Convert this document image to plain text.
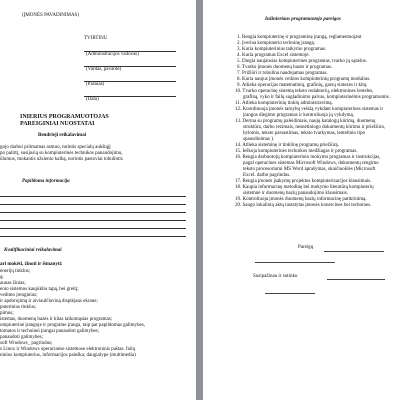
(ĮMONĖS PAVADINIMAS)
TVIRTINU
(Administracijos vadovas)
(Vardas, pavardė)
(Parašas)
(Data)
INIERIUS PROGRAMUOTOJAS
PAREIGINIAI NUOSTATAI
Bendrieji reikalavimai
gojo darbui priimamas asmuo, turintis specialų aukštąjį
po patirtį, susijusią su kompiuterinės technikos panaudojimu,
ūlumus, mokantis užsienio kalbą, norintis pastoviai tobulintis
Papildoma informacija
Kvalifikaciniai reikalavimai
ari mokėti, žinoti ir išmanyti:
enerijų tinklus;
ą;
aunas žinias;
enio sistemos kaupiklio tapą, bei greitį;
vedimo įrenginius;
ir apdorojimą ir aiviaulčiaviną displėjaus ekrane;
puterinius tinklus;
pimus;
istemas, duomenų bazės ir kitas taikomąsias programas;
ompiuterinė įrangoje ir programe įranga, taip pat papildomas galimybes,
tomatos ir techninei įrangai panaudoti galimybes;
panaudoti galimybes;
soft Windows_ pagrindus;
s Linux ir Windows operacinėse sistemose elektroninis paštas. failų
ninius kompiuterius, informacijos paieška; daugialype (multimedia)
Inžinieriaus programuotojo pareigos
1. Rengia kompiuterinę ir programinę įrangą, reglamentuojant
2. Įverina kompiuterio techninę įrangą.
3. Kuria kompiuterinius taikymo programas.
4. Kuria programas Excel sistemoje.
5. Diegia naujausias kompiuterines programas, tvarko jų sąrašus.
6. Tvarko įmonės duomenų bazes ir programas.
7. Prižiūri ir tobulina naudojamas programas.
8. Kuria naujus įmonės veiklos kompiuterinių programų modulius.
9. Atlieka operacijas matematinių, grafinių, garsų sintezės ir kitų.
10. Tvarko operacinę sistemą teksto redaktorių, elektronines lenteles,
grafiną, vyko ir failų sugladinimo palvas, kompiuterinėmis programomis.
11. Atlieka kompiuterinių tinklų administravimą.
12. Koordinuoja įmonės tarnybų veiklą vykdant kompiuterines sistemas ir
įrangos diegimo programas ir kontroliuoja jų vykdymą.
13. Derina su programų paleidimais, naujų katalogų kūrimą, duomenų
struktūra, darbo rezimais, nesnėtiniogo dokumentų kūrimu ir priežiūra,
bylomis, teksto parsastimas, teksto tvarkymas, lentelinio tipo
spausdinimas ).
14. Atlieka sisteminę ir tinklinę programų priežiūrą.
15. Ieškoja kompiuterinės technikos medžiagas ir programas.
16. Rengia darbuotojų kompiuterinio mokymo programas ir instrukcijas,
pagal operacines sistemas Microsoft Windows, dokumentų rengimo
teksto procesoriumi MS Word aprašymas, skaičiuoklės (Microsoft
Excel. darbo pagrindus.
17. Rengia įmonės įsakymų projektus kompiuterizacijos klausimais.
18. Kaupia informacinę metodinę bei mokymo literatūrą kompiuterių
sistemnė ir duomenų bazių panaudojimo klausimais.
19. Kontroliuoja įmonės duomenų bazių informacinę patikrinimą.
20. Saugo lokalinių aktų iustatytas įmonės konercines bei technines.
Pareigų
Susipažinau ir sutinku
